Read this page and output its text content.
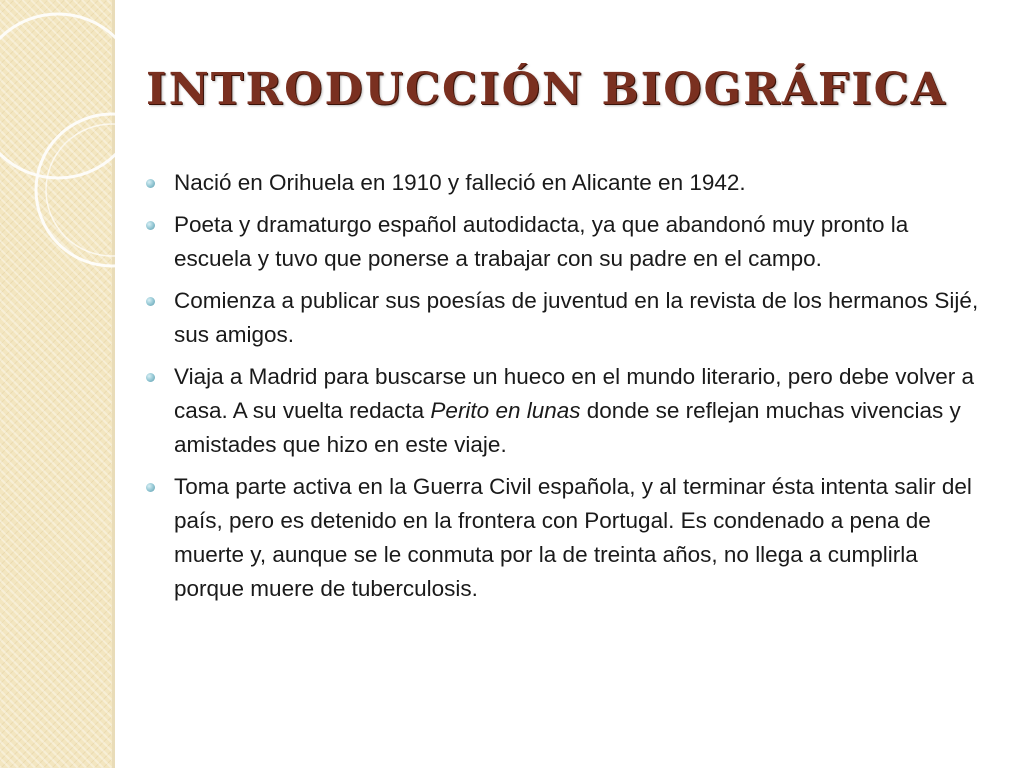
INTRODUCCIÓN BIOGRÁFICA
Nació en Orihuela en 1910 y falleció en Alicante en 1942.
Poeta y dramaturgo español autodidacta, ya que abandonó muy pronto la escuela y tuvo que ponerse a trabajar con su padre en el campo.
Comienza a publicar sus poesías de juventud en la revista de los hermanos Sijé, sus amigos.
Viaja a Madrid para buscarse un hueco en el mundo literario, pero debe volver a casa. A su vuelta redacta Perito en lunas donde se reflejan muchas vivencias y amistades que hizo en este viaje.
Toma parte activa en la Guerra Civil española, y al terminar ésta intenta salir del país, pero es detenido en la frontera con Portugal. Es condenado a pena de muerte y, aunque se le conmuta por la de treinta años, no llega a cumplirla porque muere de tuberculosis.
